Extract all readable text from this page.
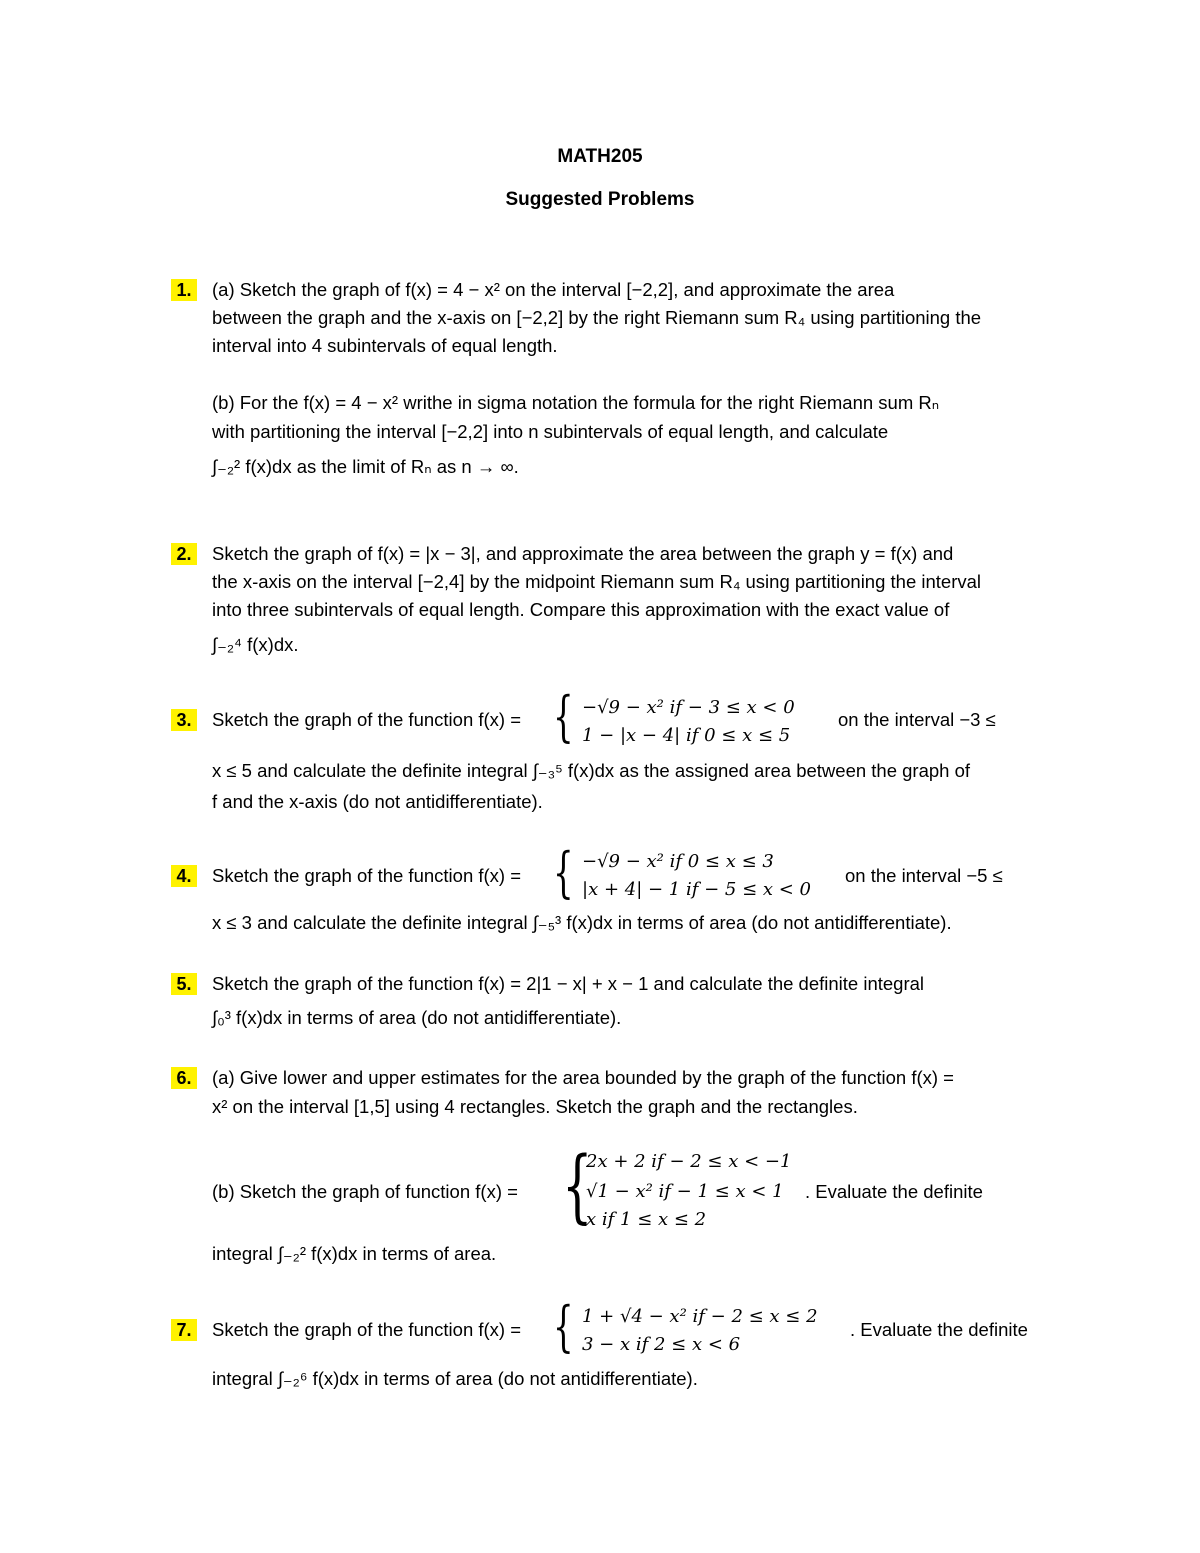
MATH205
Suggested Problems
1. (a) Sketch the graph of f(x) = 4 − x² on the interval [−2,2], and approximate the area
between the graph and the x-axis on [−2,2] by the right Riemann sum R₄ using partitioning the
interval into 4 subintervals of equal length.
(b) For the f(x) = 4 − x² writhe in sigma notation the formula for the right Riemann sum Rₙ
with partitioning the interval [−2,2] into n subintervals of equal length, and calculate
∫₋₂² f(x)dx as the limit of Rₙ as n → ∞.
2. Sketch the graph of f(x) = |x − 3|, and approximate the area between the graph y = f(x) and
the x-axis on the interval [−2,4] by the midpoint Riemann sum R₄ using partitioning the interval
into three subintervals of equal length. Compare this approximation with the exact value of
∫₋₂⁴ f(x)dx.
3. Sketch the graph of the function f(x) = { −√9 − x² if − 3 ≤ x < 0
1 − |x − 4| if 0 ≤ x ≤ 5
on the interval −3 ≤
x ≤ 5 and calculate the definite integral ∫₋₃⁵ f(x)dx as the assigned area between the graph of
f and the x-axis (do not antidifferentiate).
4. Sketch the graph of the function f(x) = { −√9 − x² if 0 ≤ x ≤ 3
|x + 4| − 1 if − 5 ≤ x < 0
on the interval −5 ≤
x ≤ 3 and calculate the definite integral ∫₋₅³ f(x)dx in terms of area (do not antidifferentiate).
5. Sketch the graph of the function f(x) = 2|1 − x| + x − 1 and calculate the definite integral
∫₀³ f(x)dx in terms of area (do not antidifferentiate).
6. (a) Give lower and upper estimates for the area bounded by the graph of the function f(x) =
x² on the interval [1,5] using 4 rectangles. Sketch the graph and the rectangles.
(b) Sketch the graph of function f(x) = {
2x + 2 if − 2 ≤ x < −1
√1 − x² if − 1 ≤ x < 1
x if 1 ≤ x ≤ 2
. Evaluate the definite
integral ∫₋₂² f(x)dx in terms of area.
7. Sketch the graph of the function f(x) = { 1 + √4 − x² if − 2 ≤ x ≤ 2
3 − x if 2 ≤ x < 6
. Evaluate the definite
integral ∫₋₂⁶ f(x)dx in terms of area (do not antidifferentiate).
